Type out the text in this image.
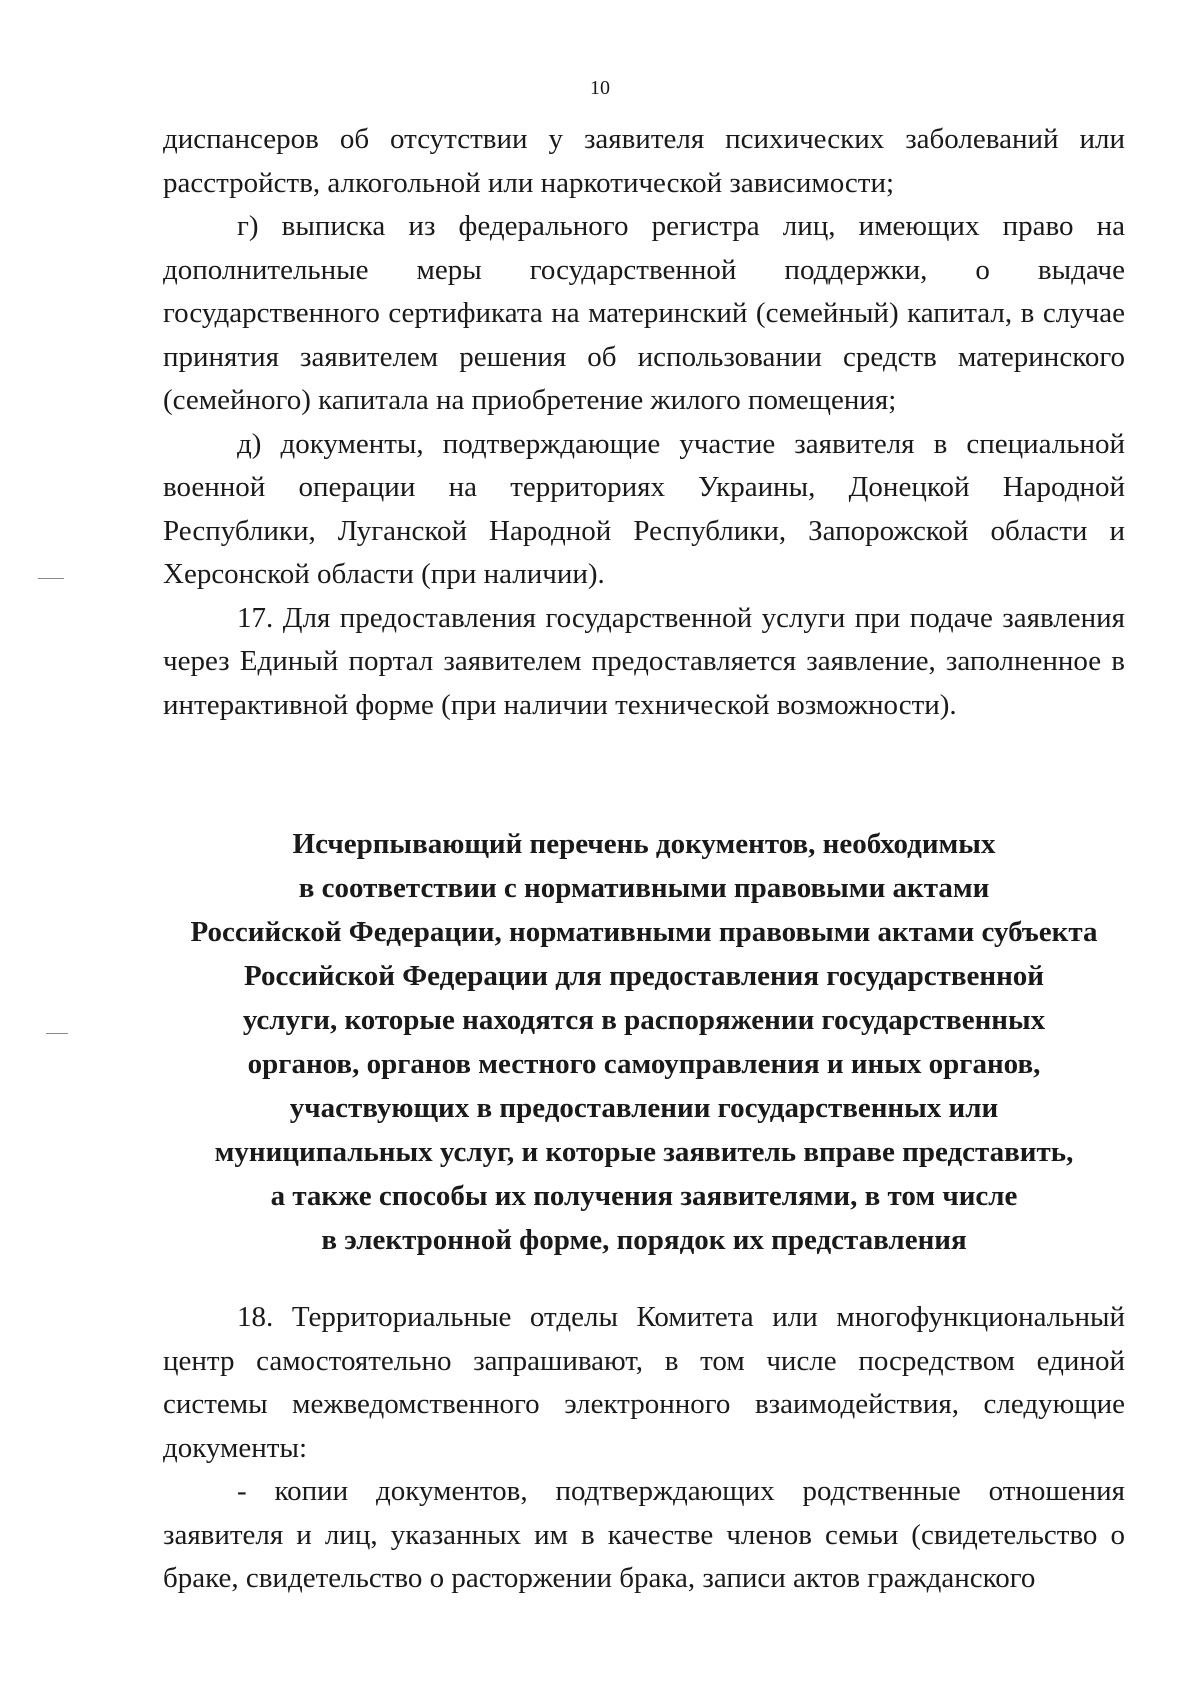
10

диспансеров об отсутствии у заявителя психических заболеваний или расстройств, алкогольной или наркотической зависимости;

г) выписка из федерального регистра лиц, имеющих право на дополнительные меры государственной поддержки, о выдаче государственного сертификата на материнский (семейный) капитал, в случае принятия заявителем решения об использовании средств материнского (семейного) капитала на приобретение жилого помещения;

д) документы, подтверждающие участие заявителя в специальной военной операции на территориях Украины, Донецкой Народной Республики, Луганской Народной Республики, Запорожской области и Херсонской области (при наличии).

17. Для предоставления государственной услуги при подаче заявления через Единый портал заявителем предоставляется заявление, заполненное в интерактивной форме (при наличии технической возможности).

Исчерпывающий перечень документов, необходимых
в соответствии с нормативными правовыми актами
Российской Федерации, нормативными правовыми актами субъекта
Российской Федерации для предоставления государственной
услуги, которые находятся в распоряжении государственных
органов, органов местного самоуправления и иных органов,
участвующих в предоставлении государственных или
муниципальных услуг, и которые заявитель вправе представить,
а также способы их получения заявителями, в том числе
в электронной форме, порядок их представления

18. Территориальные отделы Комитета или многофункциональный центр самостоятельно запрашивают, в том числе посредством единой системы межведомственного электронного взаимодействия, следующие документы:

- копии документов, подтверждающих родственные отношения заявителя и лиц, указанных им в качестве членов семьи (свидетельство о браке, свидетельство о расторжении брака, записи актов гражданского
